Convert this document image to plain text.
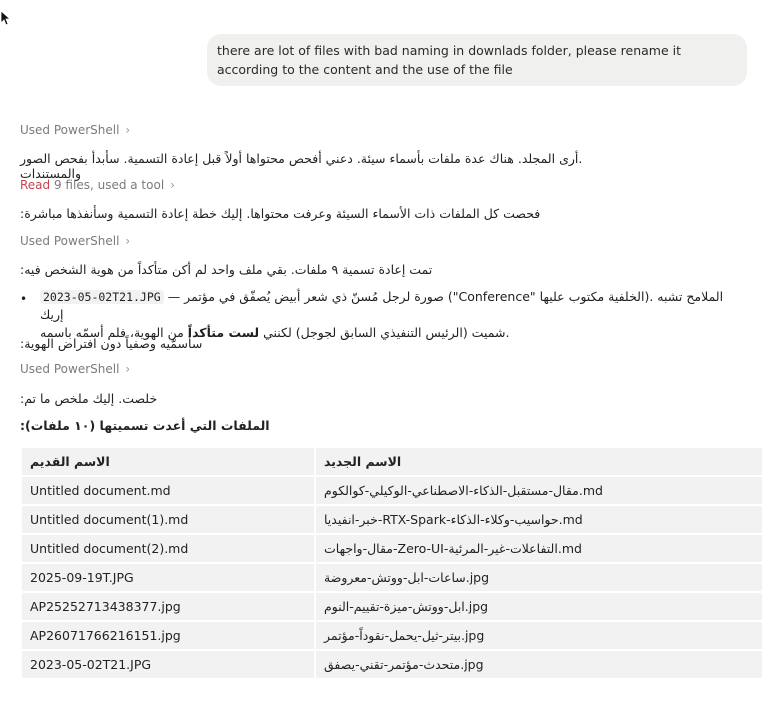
there are lot of files with bad naming in downlads folder, please rename it according to the content and the use of the file
Used PowerShell ›
.أرى المجلد. هناك عدة ملفات بأسماء سيئة. دعني أفحص محتواها أولاً قبل إعادة التسمية. سأبدأ بفحص الصور والمستندات
Read 9 files, used a tool ›
:فحصت كل الملفات ذات الأسماء السيئة وعرفت محتواها. إليك خطة إعادة التسمية وسأنفذها مباشرة
Used PowerShell ›
:تمت إعادة تسمية ٩ ملفات. بقي ملف واحد لم أكن متأكداً من هوية الشخص فيه
• 2023-05-02T21.JPG — صورة لرجل مُسنّ ذي شعر أبيض يُصفّق في مؤتمر ("Conference" الخلفية مكتوب عليها). الملامح تشبه إريك
شميت (الرئيس التنفيذي السابق لجوجل) لكنني لست متأكداً من الهوية، فلم أسمّه باسمه.
:سأسمّيه وصفياً دون افتراض الهوية
Used PowerShell ›
:خلصت. إليك ملخص ما تم
:الملفات التي أعدت تسميتها (١٠ ملفات)
الاسم القديم	الاسم الجديد
Untitled document.md	مقال-مستقبل-الذكاء-الاصطناعي-الوكيلي-كوالكوم.md
Untitled document(1).md	خبر-انفيديا-RTX-Spark-حواسيب-وكلاء-الذكاء.md
Untitled document(2).md	مقال-واجهات-Zero-UI-التفاعلات-غير-المرئية.md
2025-09-19T.JPG	ساعات-ابل-ووتش-معروضة.jpg
AP25252713438377.jpg	ابل-ووتش-ميزة-تقييم-النوم.jpg
AP26071766216151.jpg	بيتر-ثيل-يحمل-نقوداً-مؤتمر.jpg
2023-05-02T21.JPG	متحدث-مؤتمر-تقني-يصفق.jpg
